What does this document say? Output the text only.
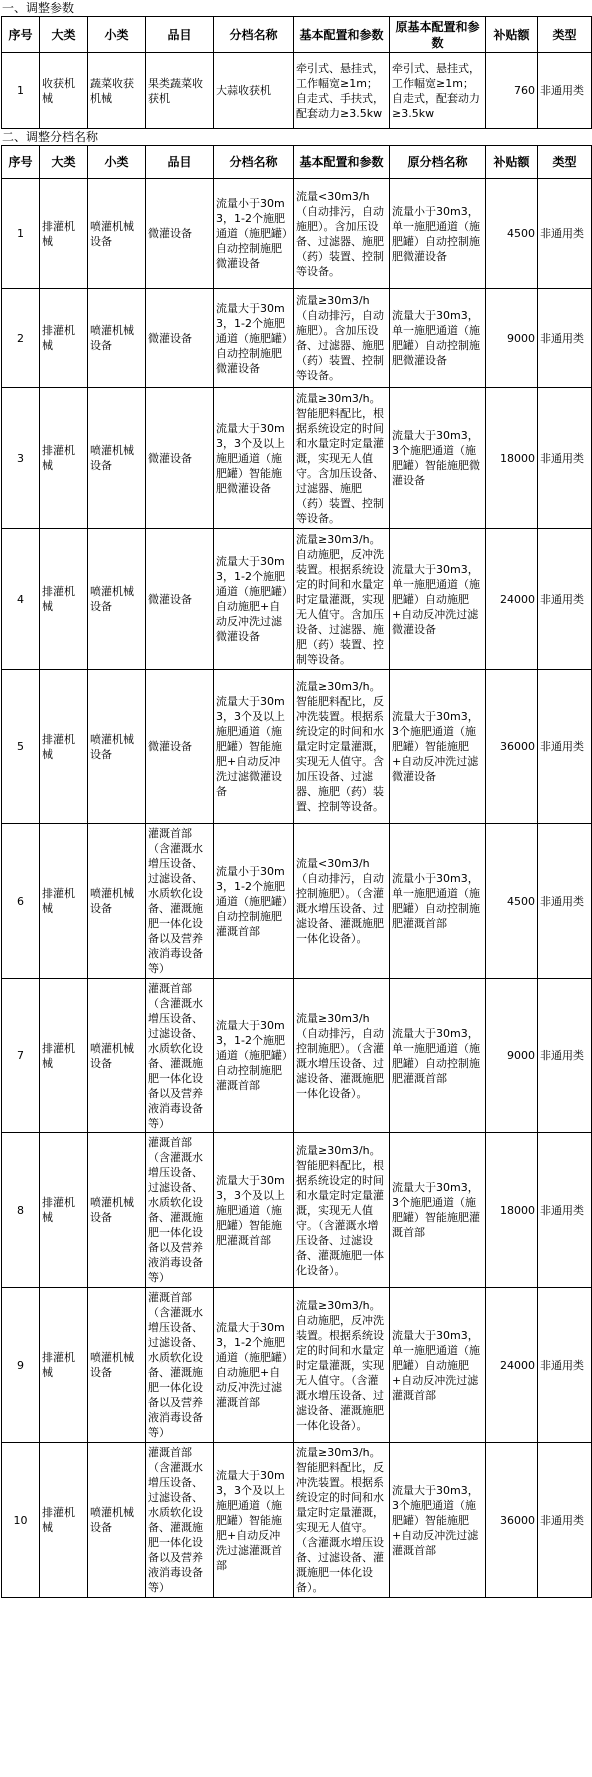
一、调整参数
序号	大类	小类	品目	分档名称	基本配置和参数	原基本配置和参数	补贴额	类型
1	收获机械	蔬菜收获机械	果类蔬菜收获机	大蒜收获机	牵引式、悬挂式，工作幅宽≥1m；自走式、手扶式，配套动力≥3.5kw	牵引式、悬挂式，工作幅宽≥1m；自走式，配套动力≥3.5kw	760	非通用类
二、调整分档名称
序号	大类	小类	品目	分档名称	基本配置和参数	原分档名称	补贴额	类型
1	排灌机械	喷灌机械设备	微灌设备	流量小于30m3，1-2个施肥通道（施肥罐）自动控制施肥微灌设备	流量<30m3/h（自动排污，自动施肥）。含加压设备、过滤器、施肥（药）装置、控制等设备。	流量小于30m3，单一施肥通道（施肥罐）自动控制施肥微灌设备	4500	非通用类
2	排灌机械	喷灌机械设备	微灌设备	流量大于30m3，1-2个施肥通道（施肥罐）自动控制施肥微灌设备	流量≥30m3/h（自动排污，自动施肥）。含加压设备、过滤器、施肥（药）装置、控制等设备。	流量大于30m3，单一施肥通道（施肥罐）自动控制施肥微灌设备	9000	非通用类
3	排灌机械	喷灌机械设备	微灌设备	流量大于30m3，3个及以上施肥通道（施肥罐）智能施肥微灌设备	流量≥30m3/h。智能肥料配比，根据系统设定的时间和水量定时定量灌溉，实现无人值守。含加压设备、过滤器、施肥（药）装置、控制等设备。	流量大于30m3，3个施肥通道（施肥罐）智能施肥微灌设备	18000	非通用类
4	排灌机械	喷灌机械设备	微灌设备	流量大于30m3，1-2个施肥通道（施肥罐）自动施肥+自动反冲洗过滤微灌设备	流量≥30m3/h。自动施肥，反冲洗装置。根据系统设定的时间和水量定时定量灌溉，实现无人值守。含加压设备、过滤器、施肥（药）装置、控制等设备。	流量大于30m3，单一施肥通道（施肥罐）自动施肥+自动反冲洗过滤微灌设备	24000	非通用类
5	排灌机械	喷灌机械设备	微灌设备	流量大于30m3，3个及以上施肥通道（施肥罐）智能施肥+自动反冲洗过滤微灌设备	流量≥30m3/h。智能肥料配比，反冲洗装置。根据系统设定的时间和水量定时定量灌溉，实现无人值守。含加压设备、过滤器、施肥（药）装置、控制等设备。	流量大于30m3，3个施肥通道（施肥罐）智能施肥+自动反冲洗过滤微灌设备	36000	非通用类
6	排灌机械	喷灌机械设备	灌溉首部（含灌溉水增压设备、过滤设备、水质软化设备、灌溉施肥一体化设备以及营养液消毒设备等）	流量小于30m3，1-2个施肥通道（施肥罐）自动控制施肥灌溉首部	流量<30m3/h（自动排污，自动控制施肥）。（含灌溉水增压设备、过滤设备、灌溉施肥一体化设备）。	流量小于30m3，单一施肥通道（施肥罐）自动控制施肥灌溉首部	4500	非通用类
7	排灌机械	喷灌机械设备	灌溉首部（含灌溉水增压设备、过滤设备、水质软化设备、灌溉施肥一体化设备以及营养液消毒设备等）	流量大于30m3，1-2个施肥通道（施肥罐）自动控制施肥灌溉首部	流量≥30m3/h（自动排污，自动控制施肥）。（含灌溉水增压设备、过滤设备、灌溉施肥一体化设备）。	流量大于30m3，单一施肥通道（施肥罐）自动控制施肥灌溉首部	9000	非通用类
8	排灌机械	喷灌机械设备	灌溉首部（含灌溉水增压设备、过滤设备、水质软化设备、灌溉施肥一体化设备以及营养液消毒设备等）	流量大于30m3，3个及以上施肥通道（施肥罐）智能施肥灌溉首部	流量≥30m3/h。智能肥料配比，根据系统设定的时间和水量定时定量灌溉，实现无人值守。（含灌溉水增压设备、过滤设备、灌溉施肥一体化设备）。	流量大于30m3，3个施肥通道（施肥罐）智能施肥灌溉首部	18000	非通用类
9	排灌机械	喷灌机械设备	灌溉首部（含灌溉水增压设备、过滤设备、水质软化设备、灌溉施肥一体化设备以及营养液消毒设备等）	流量大于30m3，1-2个施肥通道（施肥罐）自动施肥+自动反冲洗过滤灌溉首部	流量≥30m3/h。自动施肥，反冲洗装置。根据系统设定的时间和水量定时定量灌溉，实现无人值守。（含灌溉水增压设备、过滤设备、灌溉施肥一体化设备）。	流量大于30m3，单一施肥通道（施肥罐）自动施肥+自动反冲洗过滤灌溉首部	24000	非通用类
10	排灌机械	喷灌机械设备	灌溉首部（含灌溉水增压设备、过滤设备、水质软化设备、灌溉施肥一体化设备以及营养液消毒设备等）	流量大于30m3，3个及以上施肥通道（施肥罐）智能施肥+自动反冲洗过滤灌溉首部	流量≥30m3/h。智能肥料配比，反冲洗装置。根据系统设定的时间和水量定时定量灌溉，实现无人值守。（含灌溉水增压设备、过滤设备、灌溉施肥一体化设备）。	流量大于30m3，3个施肥通道（施肥罐）智能施肥+自动反冲洗过滤灌溉首部	36000	非通用类
